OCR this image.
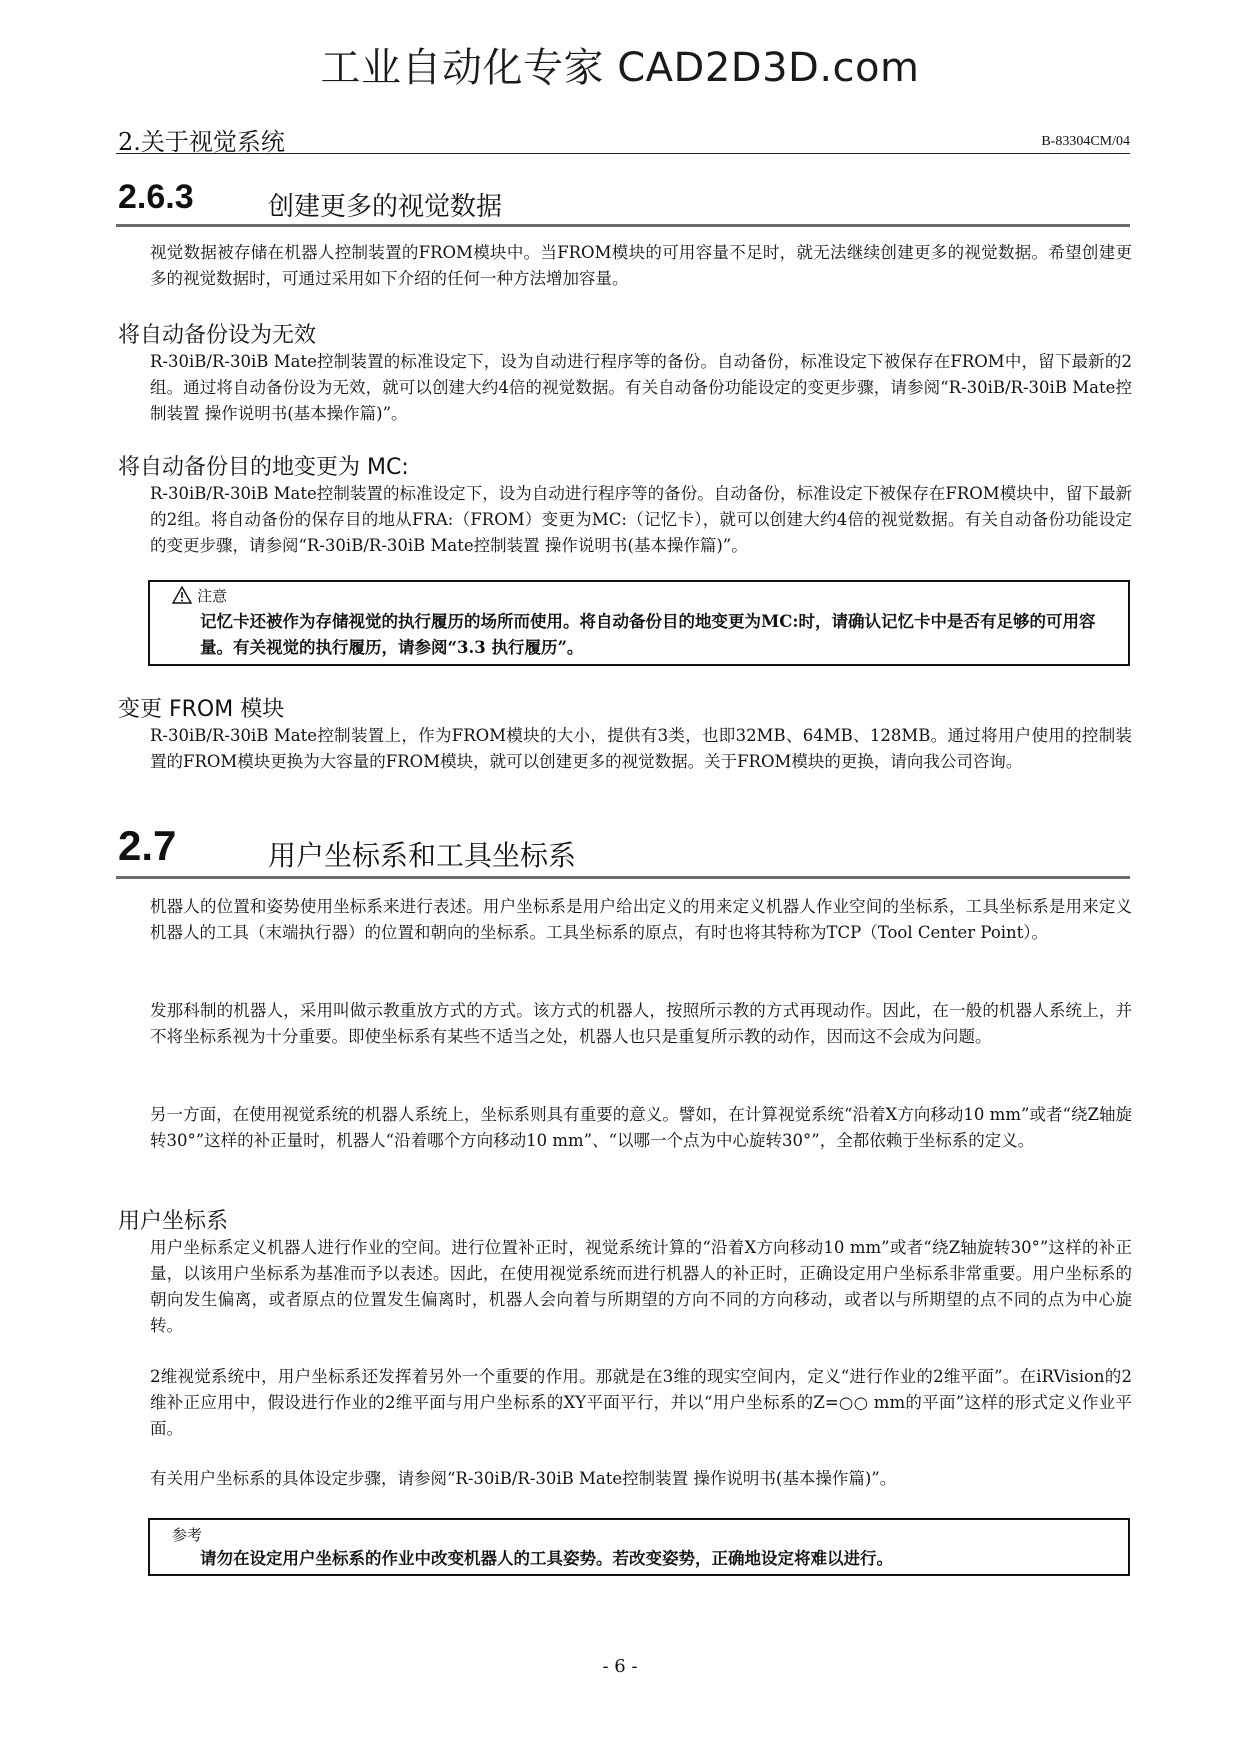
工业自动化专家 CAD2D3D.com
2.关于视觉系统	B-83304CM/04
2.6.3	创建更多的视觉数据

视觉数据被存储在机器人控制装置的FROM模块中。当FROM模块的可用容量不足时，就无法继续创建更多的视觉数据。希望创建更多的视觉数据时，可通过采用如下介绍的任何一种方法增加容量。

将自动备份设为无效

R-30iB/R-30iB Mate控制装置的标准设定下，设为自动进行程序等的备份。自动备份，标准设定下被保存在FROM中，留下最新的2组。通过将自动备份设为无效，就可以创建大约4倍的视觉数据。有关自动备份功能设定的变更步骤，请参阅“R-30iB/R-30iB Mate控制装置 操作说明书(基本操作篇)”。

将自动备份目的地变更为 MC:

R-30iB/R-30iB Mate控制装置的标准设定下，设为自动进行程序等的备份。自动备份，标准设定下被保存在FROM模块中，留下最新的2组。将自动备份的保存目的地从FRA:（FROM）变更为MC:（记忆卡），就可以创建大约4倍的视觉数据。有关自动备份功能设定的变更步骤，请参阅“R-30iB/R-30iB Mate控制装置 操作说明书(基本操作篇)”。

注意
记忆卡还被作为存储视觉的执行履历的场所而使用。将自动备份目的地变更为MC:时，请确认记忆卡中是否有足够的可用容量。有关视觉的执行履历，请参阅“3.3 执行履历”。
变更 FROM 模块

R-30iB/R-30iB Mate控制装置上，作为FROM模块的大小，提供有3类，也即32MB、64MB、128MB。通过将用户使用的控制装置的FROM模块更换为大容量的FROM模块，就可以创建更多的视觉数据。关于FROM模块的更换，请向我公司咨询。

2.7	用户坐标系和工具坐标系

机器人的位置和姿势使用坐标系来进行表述。用户坐标系是用户给出定义的用来定义机器人作业空间的坐标系，工具坐标系是用来定义机器人的工具（末端执行器）的位置和朝向的坐标系。工具坐标系的原点，有时也将其特称为TCP（Tool Center Point）。

发那科制的机器人，采用叫做示教重放方式的方式。该方式的机器人，按照所示教的方式再现动作。因此，在一般的机器人系统上，并不将坐标系视为十分重要。即使坐标系有某些不适当之处，机器人也只是重复所示教的动作，因而这不会成为问题。

另一方面，在使用视觉系统的机器人系统上，坐标系则具有重要的意义。譬如，在计算视觉系统“沿着X方向移动10 mm”或者“绕Z轴旋转30°”这样的补正量时，机器人“沿着哪个方向移动10 mm”、“以哪一个点为中心旋转30°”，全都依赖于坐标系的定义。

用户坐标系

用户坐标系定义机器人进行作业的空间。进行位置补正时，视觉系统计算的“沿着X方向移动10 mm”或者“绕Z轴旋转30°”这样的补正量，以该用户坐标系为基准而予以表述。因此，在使用视觉系统而进行机器人的补正时，正确设定用户坐标系非常重要。用户坐标系的朝向发生偏离，或者原点的位置发生偏离时，机器人会向着与所期望的方向不同的方向移动，或者以与所期望的点不同的点为中心旋转。

2维视觉系统中，用户坐标系还发挥着另外一个重要的作用。那就是在3维的现实空间内，定义“进行作业的2维平面”。在iRVision的2维补正应用中，假设进行作业的2维平面与用户坐标系的XY平面平行，并以“用户坐标系的Z=○○ mm的平面”这样的形式定义作业平面。

有关用户坐标系的具体设定步骤，请参阅“R-30iB/R-30iB Mate控制装置 操作说明书(基本操作篇)”。

参考
请勿在设定用户坐标系的作业中改变机器人的工具姿势。若改变姿势，正确地设定将难以进行。
- 6 -
